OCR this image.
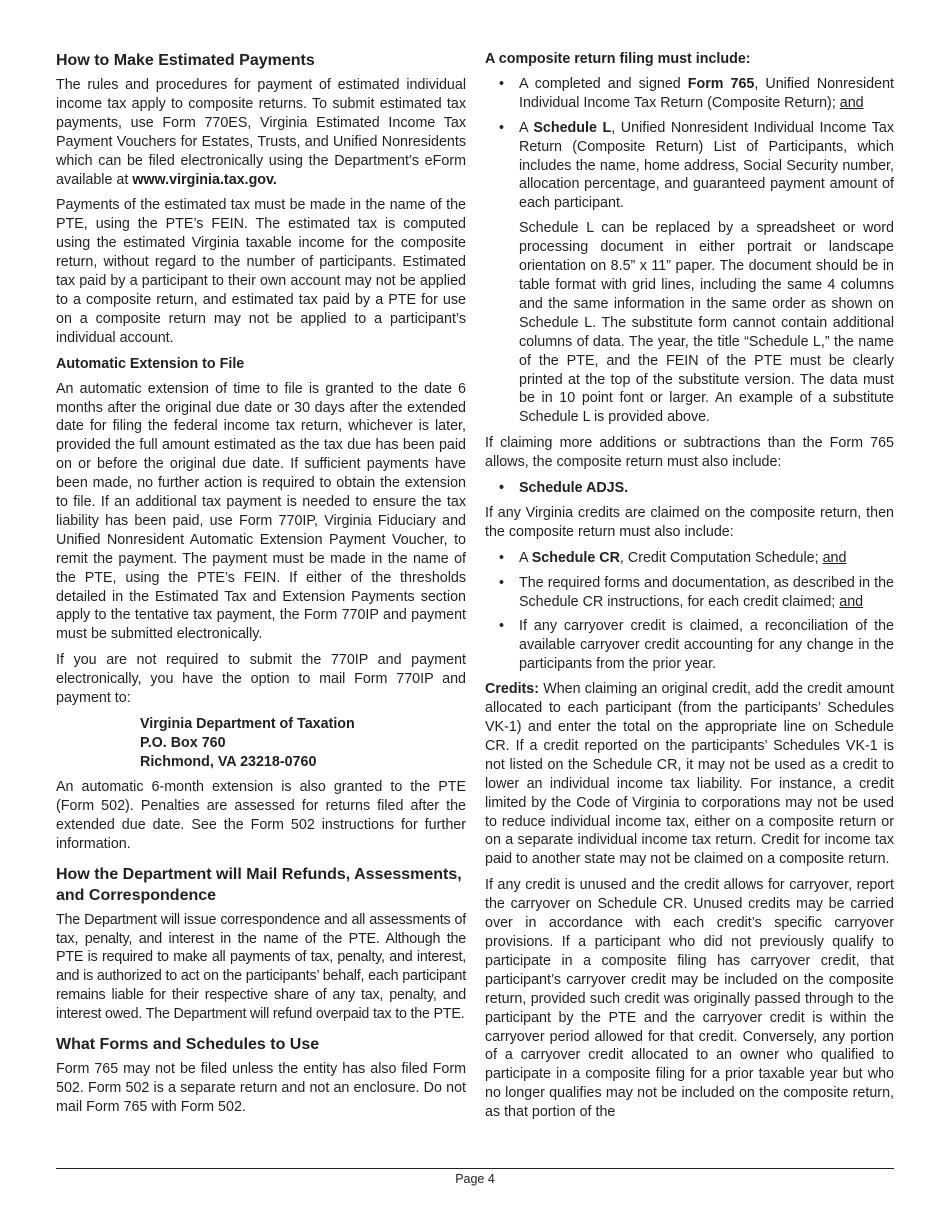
How to Make Estimated Payments

The rules and procedures for payment of estimated individual income tax apply to composite returns. To submit estimated tax payments, use Form 770ES, Virginia Estimated Income Tax Payment Vouchers for Estates, Trusts, and Unified Nonresidents which can be filed electronically using the Department’s eForm available at www.virginia.tax.gov.

Payments of the estimated tax must be made in the name of the PTE, using the PTE’s FEIN. The estimated tax is computed using the estimated Virginia taxable income for the composite return, without regard to the number of participants. Estimated tax paid by a participant to their own account may not be applied to a composite return, and estimated tax paid by a PTE for use on a composite return may not be applied to a participant’s individual account.

Automatic Extension to File

An automatic extension of time to file is granted to the date 6 months after the original due date or 30 days after the extended date for filing the federal income tax return, whichever is later, provided the full amount estimated as the tax due has been paid on or before the original due date. If sufficient payments have been made, no further action is required to obtain the extension to file. If an additional tax payment is needed to ensure the tax liability has been paid, use Form 770IP, Virginia Fiduciary and Unified Nonresident Automatic Extension Payment Voucher, to remit the payment. The payment must be made in the name of the PTE, using the PTE’s FEIN. If either of the thresholds detailed in the Estimated Tax and Extension Payments section apply to the tentative tax payment, the Form 770IP and payment must be submitted electronically.

If you are not required to submit the 770IP and payment electronically, you have the option to mail Form 770IP and payment to:

Virginia Department of Taxation
P.O. Box 760
Richmond, VA 23218-0760

An automatic 6-month extension is also granted to the PTE (Form 502). Penalties are assessed for returns filed after the extended due date. See the Form 502 instructions for further information.

How the Department will Mail Refunds, Assessments, and Correspondence

The Department will issue correspondence and all assessments of tax, penalty, and interest in the name of the PTE. Although the PTE is required to make all payments of tax, penalty, and interest, and is authorized to act on the participants’ behalf, each participant remains liable for their respective share of any tax, penalty, and interest owed. The Department will refund overpaid tax to the PTE.

What Forms and Schedules to Use

Form 765 may not be filed unless the entity has also filed Form 502. Form 502 is a separate return and not an enclosure. Do not mail Form 765 with Form 502.

A composite return filing must include:
• A completed and signed Form 765, Unified Nonresident Individual Income Tax Return (Composite Return); and
• A Schedule L, Unified Nonresident Individual Income Tax Return (Composite Return) List of Participants, which includes the name, home address, Social Security number, allocation percentage, and guaranteed payment amount of each participant.

Schedule L can be replaced by a spreadsheet or word processing document in either portrait or landscape orientation on 8.5” x 11” paper. The document should be in table format with grid lines, including the same 4 columns and the same information in the same order as shown on Schedule L. The substitute form cannot contain additional columns of data. The year, the title “Schedule L,” the name of the PTE, and the FEIN of the PTE must be clearly printed at the top of the substitute version. The data must be in 10 point font or larger. An example of a substitute Schedule L is provided above.

If claiming more additions or subtractions than the Form 765 allows, the composite return must also include:

• Schedule ADJS.

If any Virginia credits are claimed on the composite return, then the composite return must also include:

• A Schedule CR, Credit Computation Schedule; and
• The required forms and documentation, as described in the Schedule CR instructions, for each credit claimed; and
• If any carryover credit is claimed, a reconciliation of the available carryover credit accounting for any change in the participants from the prior year.

Credits: When claiming an original credit, add the credit amount allocated to each participant (from the participants’ Schedules VK-1) and enter the total on the appropriate line on Schedule CR. If a credit reported on the participants’ Schedules VK-1 is not listed on the Schedule CR, it may not be used as a credit to lower an individual income tax liability. For instance, a credit limited by the Code of Virginia to corporations may not be used to reduce individual income tax, either on a composite return or on a separate individual income tax return. Credit for income tax paid to another state may not be claimed on a composite return.

If any credit is unused and the credit allows for carryover, report the carryover on Schedule CR. Unused credits may be carried over in accordance with each credit’s specific carryover provisions. If a participant who did not previously qualify to participate in a composite filing has carryover credit, that participant’s carryover credit may be included on the composite return, provided such credit was originally passed through to the participant by the PTE and the carryover credit is within the carryover period allowed for that credit. Conversely, any portion of a carryover credit allocated to an owner who qualified to participate in a composite filing for a prior taxable year but who no longer qualifies may not be included on the composite return, as that portion of the

Page 4
